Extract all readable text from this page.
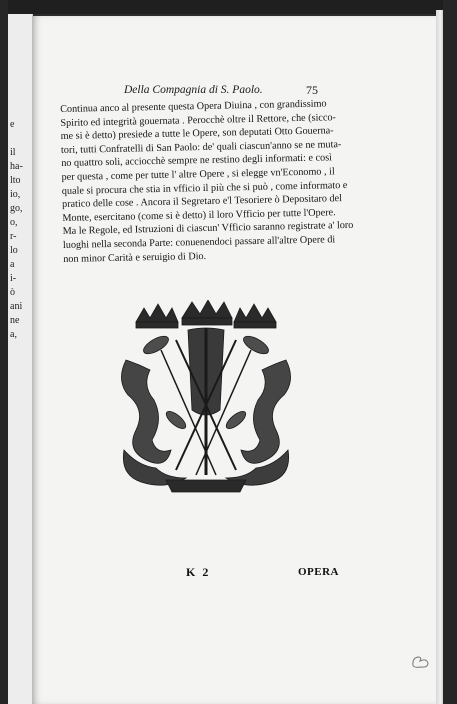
e
il
ha-
lto
io,
go,
o,
r-
lo
a
i-
ò
ani
ne
a,
Della Compagnia di S. Paolo.	75
Continua anco al presente questa Opera Diuina , con grandissimo
Spirito ed integrità gouernata . Perocchè oltre il Rettore, che (sicco-
me si è detto) presiede a tutte le Opere, son deputati Otto Gouerna-
tori, tutti Confratelli di San Paolo: de' quali ciascun'anno se ne muta-
no quattro soli, acciocchè sempre ne restino degli informati: e così
per questa , come per tutte l' altre Opere , si elegge vn'Economo , il
quale si procura che stia in vfficio il più che si può , come informato e
pratico delle cose . Ancora il Segretaro e'l Tesoriere ò Depositaro del
Monte, esercitano (come si è detto) il loro Vfficio per tutte l'Opere.
Ma le Regole, ed Istruzioni di ciascun' Vfficio saranno registrate a' loro
luoghi nella seconda Parte: conuenendoci passare all'altre Opere di
non minor Carità e seruigio di Dio.
K 2	OPERA
